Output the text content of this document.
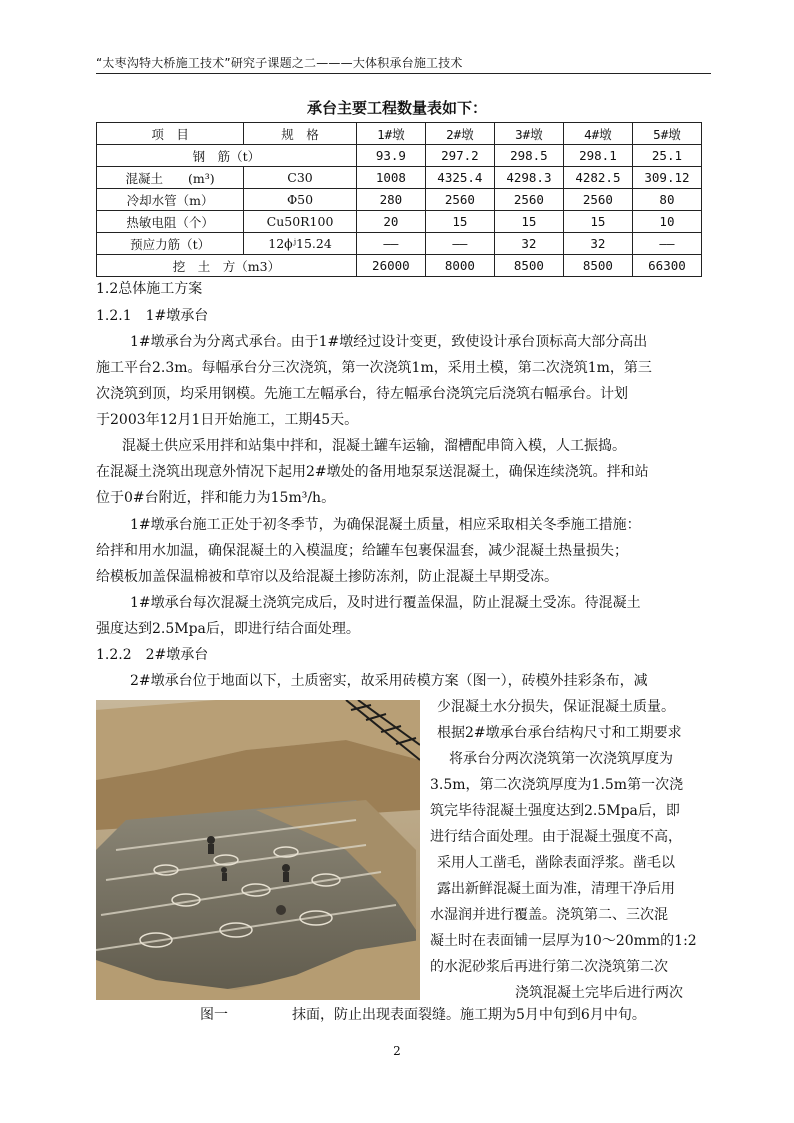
“太枣沟特大桥施工技术”研究子课题之二———大体积承台施工技术
承台主要工程数量表如下：
项　目	规　格	1#墩	2#墩	3#墩	4#墩	5#墩
钢　筋（t）		93.9	297.2	298.5	298.1	25.1
混凝土　　(m³)	C30	1008	4325.4	4298.3	4282.5	309.12
冷却水管（m）	Φ50	280	2560	2560	2560	80
热敏电阻（个）	Cu50R100	20	15	15	15	10
预应力筋（t）	12ϕʲ15.24	——	——	32	32	——
挖　土　方（m3）		26000	8000	8500	8500	66300
1.2总体施工方案
1.2.1　1#墩承台
1#墩承台为分离式承台。由于1#墩经过设计变更，致使设计承台顶标高大部分高出
施工平台2.3m。每幅承台分三次浇筑，第一次浇筑1m，采用土模，第二次浇筑1m，第三
次浇筑到顶，均采用钢模。先施工左幅承台，待左幅承台浇筑完后浇筑右幅承台。计划
于2003年12月1日开始施工，工期45天。
混凝土供应采用拌和站集中拌和，混凝土罐车运输，溜槽配串筒入模，人工振捣。
在混凝土浇筑出现意外情况下起用2#墩处的备用地泵泵送混凝土，确保连续浇筑。拌和站
位于0#台附近，拌和能力为15m³/h。
1#墩承台施工正处于初冬季节，为确保混凝土质量，相应采取相关冬季施工措施：
给拌和用水加温，确保混凝土的入模温度；给罐车包裹保温套，减少混凝土热量损失；
给模板加盖保温棉被和草帘以及给混凝土掺防冻剂，防止混凝土早期受冻。
1#墩承台每次混凝土浇筑完成后，及时进行覆盖保温，防止混凝土受冻。待混凝土
强度达到2.5Mpa后，即进行结合面处理。
1.2.2　2#墩承台
2#墩承台位于地面以下，土质密实，故采用砖模方案（图一），砖模外挂彩条布，减
少混凝土水分损失，保证混凝土质量。
根据2#墩承台承台结构尺寸和工期要求
将承台分两次浇筑第一次浇筑厚度为
3.5m，第二次浇筑厚度为1.5m第一次浇
筑完毕待混凝土强度达到2.5Mpa后，即
进行结合面处理。由于混凝土强度不高，
采用人工凿毛，凿除表面浮浆。凿毛以
露出新鲜混凝土面为准，清理干净后用
水湿润并进行覆盖。浇筑第二、三次混
凝土时在表面铺一层厚为10～20mm的1:2
的水泥砂浆后再进行第二次浇筑第二次
浇筑混凝土完毕后进行两次
抹面，防止出现表面裂缝。施工期为5月中旬到6月中旬。
图一
2
